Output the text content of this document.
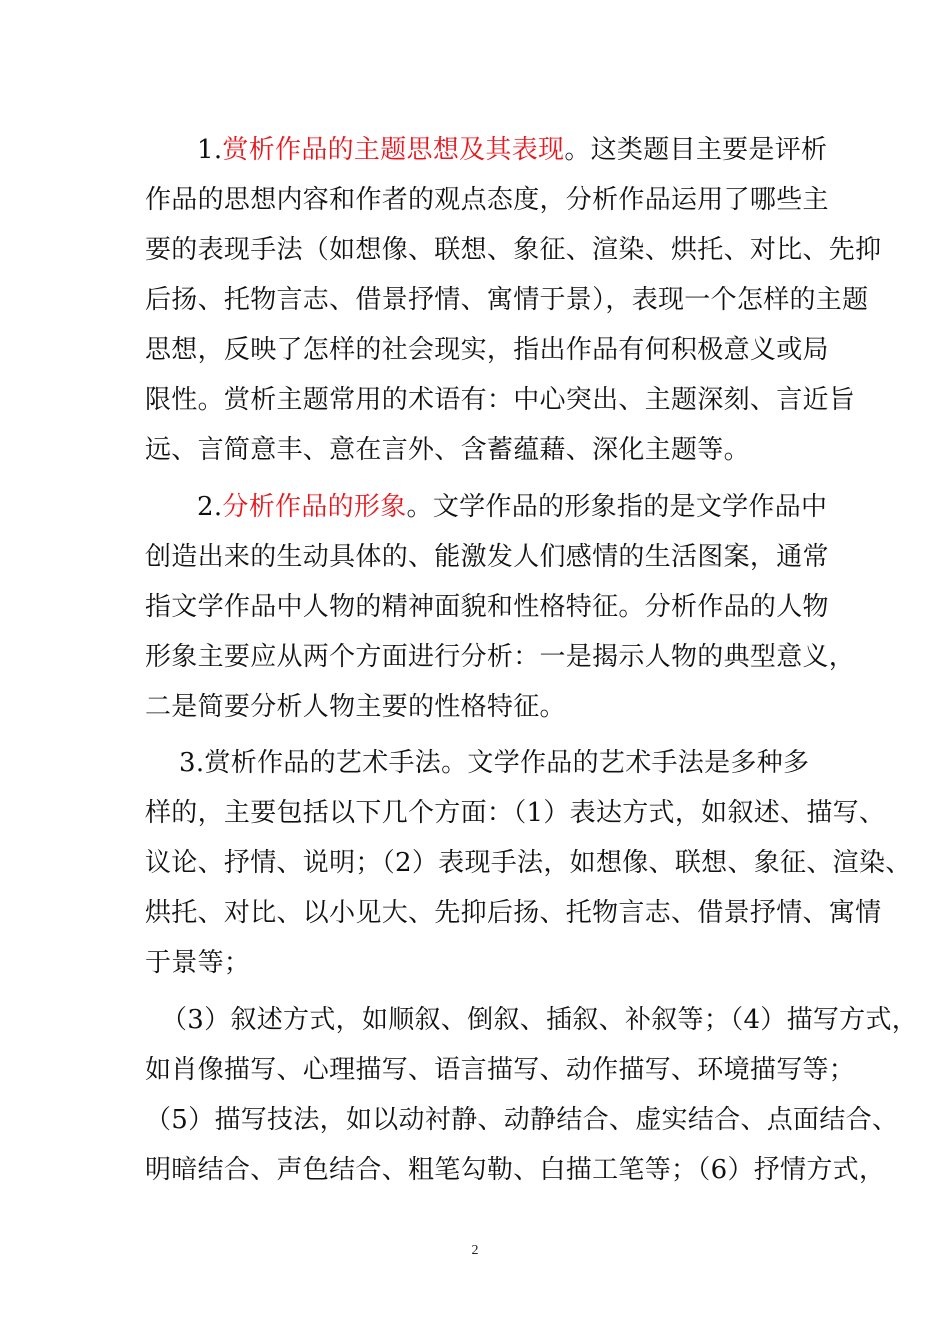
1.赏析作品的主题思想及其表现。这类题目主要是评析
作品的思想内容和作者的观点态度，分析作品运用了哪些主
要的表现手法（如想像、联想、象征、渲染、烘托、对比、先抑
后扬、托物言志、借景抒情、寓情于景），表现一个怎样的主题
思想，反映了怎样的社会现实，指出作品有何积极意义或局
限性。赏析主题常用的术语有：中心突出、主题深刻、言近旨
远、言简意丰、意在言外、含蓄蕴藉、深化主题等。
2.分析作品的形象。文学作品的形象指的是文学作品中
创造出来的生动具体的、能激发人们感情的生活图案，通常
指文学作品中人物的精神面貌和性格特征。分析作品的人物
形象主要应从两个方面进行分析：一是揭示人物的典型意义，
二是简要分析人物主要的性格特征。
3.赏析作品的艺术手法。文学作品的艺术手法是多种多
样的，主要包括以下几个方面：（1）表达方式，如叙述、描写、
议论、抒情、说明；（2）表现手法，如想像、联想、象征、渲染、
烘托、对比、以小见大、先抑后扬、托物言志、借景抒情、寓情
于景等；
（3）叙述方式，如顺叙、倒叙、插叙、补叙等；（4）描写方式，
如肖像描写、心理描写、语言描写、动作描写、环境描写等；
（5）描写技法，如以动衬静、动静结合、虚实结合、点面结合、
明暗结合、声色结合、粗笔勾勒、白描工笔等；（6）抒情方式，
2
